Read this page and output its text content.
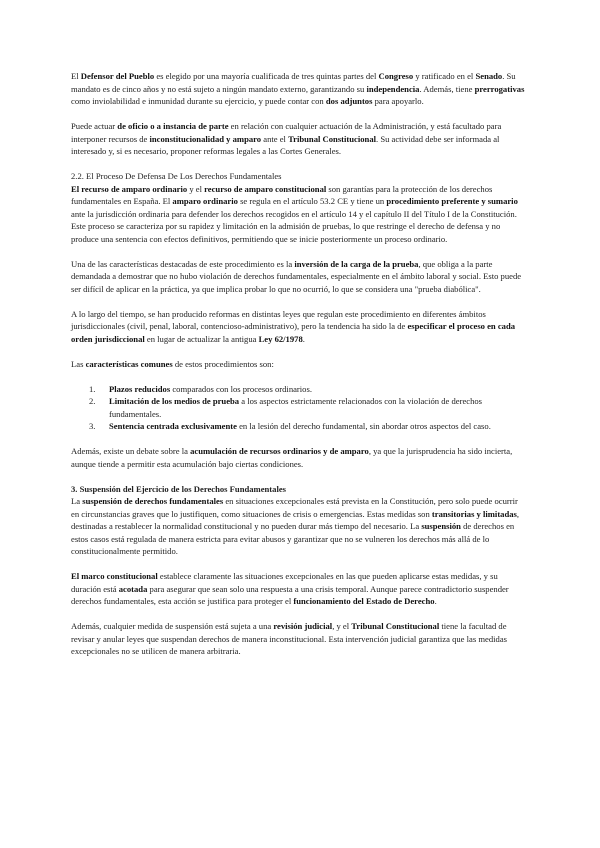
El Defensor del Pueblo es elegido por una mayoría cualificada de tres quintas partes del Congreso y ratificado en el Senado. Su mandato es de cinco años y no está sujeto a ningún mandato externo, garantizando su independencia. Además, tiene prerrogativas como inviolabilidad e inmunidad durante su ejercicio, y puede contar con dos adjuntos para apoyarlo.

Puede actuar de oficio o a instancia de parte en relación con cualquier actuación de la Administración, y está facultado para interponer recursos de inconstitucionalidad y amparo ante el Tribunal Constitucional. Su actividad debe ser informada al interesado y, si es necesario, proponer reformas legales a las Cortes Generales.

2.2. El Proceso De Defensa De Los Derechos Fundamentales

El recurso de amparo ordinario y el recurso de amparo constitucional son garantías para la protección de los derechos fundamentales en España. El amparo ordinario se regula en el artículo 53.2 CE y tiene un procedimiento preferente y sumario ante la jurisdicción ordinaria para defender los derechos recogidos en el artículo 14 y el capítulo II del Título I de la Constitución. Este proceso se caracteriza por su rapidez y limitación en la admisión de pruebas, lo que restringe el derecho de defensa y no produce una sentencia con efectos definitivos, permitiendo que se inicie posteriormente un proceso ordinario.

Una de las características destacadas de este procedimiento es la inversión de la carga de la prueba, que obliga a la parte demandada a demostrar que no hubo violación de derechos fundamentales, especialmente en el ámbito laboral y social. Esto puede ser difícil de aplicar en la práctica, ya que implica probar lo que no ocurrió, lo que se considera una "prueba diabólica".

A lo largo del tiempo, se han producido reformas en distintas leyes que regulan este procedimiento en diferentes ámbitos jurisdiccionales (civil, penal, laboral, contencioso-administrativo), pero la tendencia ha sido la de especificar el proceso en cada orden jurisdiccional en lugar de actualizar la antigua Ley 62/1978.

Las características comunes de estos procedimientos son:

1. Plazos reducidos comparados con los procesos ordinarios.
2. Limitación de los medios de prueba a los aspectos estrictamente relacionados con la violación de derechos fundamentales.
3. Sentencia centrada exclusivamente en la lesión del derecho fundamental, sin abordar otros aspectos del caso.

Además, existe un debate sobre la acumulación de recursos ordinarios y de amparo, ya que la jurisprudencia ha sido incierta, aunque tiende a permitir esta acumulación bajo ciertas condiciones.

3. Suspensión del Ejercicio de los Derechos Fundamentales

La suspensión de derechos fundamentales en situaciones excepcionales está prevista en la Constitución, pero solo puede ocurrir en circunstancias graves que lo justifiquen, como situaciones de crisis o emergencias. Estas medidas son transitorias y limitadas, destinadas a restablecer la normalidad constitucional y no pueden durar más tiempo del necesario. La suspensión de derechos en estos casos está regulada de manera estricta para evitar abusos y garantizar que no se vulneren los derechos más allá de lo constitucionalmente permitido.

El marco constitucional establece claramente las situaciones excepcionales en las que pueden aplicarse estas medidas, y su duración está acotada para asegurar que sean solo una respuesta a una crisis temporal. Aunque parece contradictorio suspender derechos fundamentales, esta acción se justifica para proteger el funcionamiento del Estado de Derecho.

Además, cualquier medida de suspensión está sujeta a una revisión judicial, y el Tribunal Constitucional tiene la facultad de revisar y anular leyes que suspendan derechos de manera inconstitucional. Esta intervención judicial garantiza que las medidas excepcionales no se utilicen de manera arbitraria.
